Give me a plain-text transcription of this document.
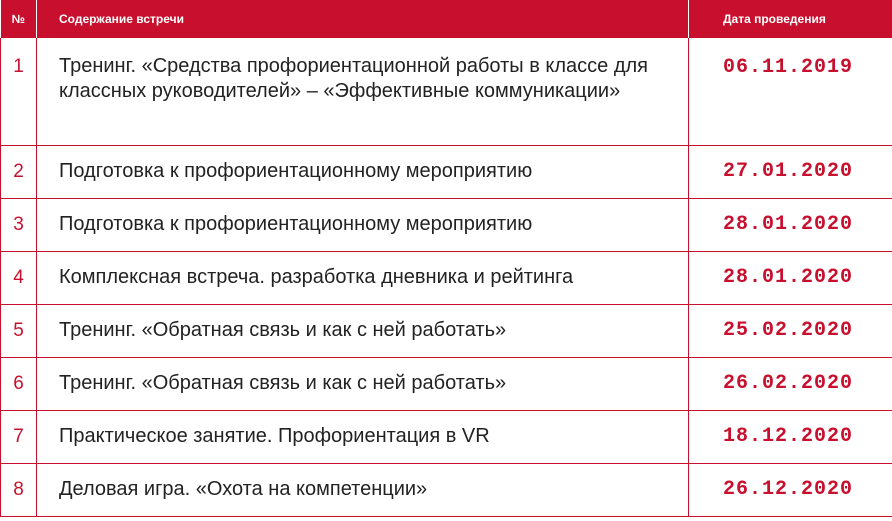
№	Содержание встречи	Дата проведения
1	Тренинг. «Средства профориентационной работы в классе для классных руководителей» – «Эффективные коммуникации»	06.11.2019
2	Подготовка к профориентационному мероприятию	27.01.2020
3	Подготовка к профориентационному мероприятию	28.01.2020
4	Комплексная встреча. разработка дневника и рейтинга	28.01.2020
5	Тренинг. «Обратная связь и как с ней работать»	25.02.2020
6	Тренинг. «Обратная связь и как с ней работать»	26.02.2020
7	Практическое занятие. Профориентация в VR	18.12.2020
8	Деловая игра. «Охота на компетенции»	26.12.2020
